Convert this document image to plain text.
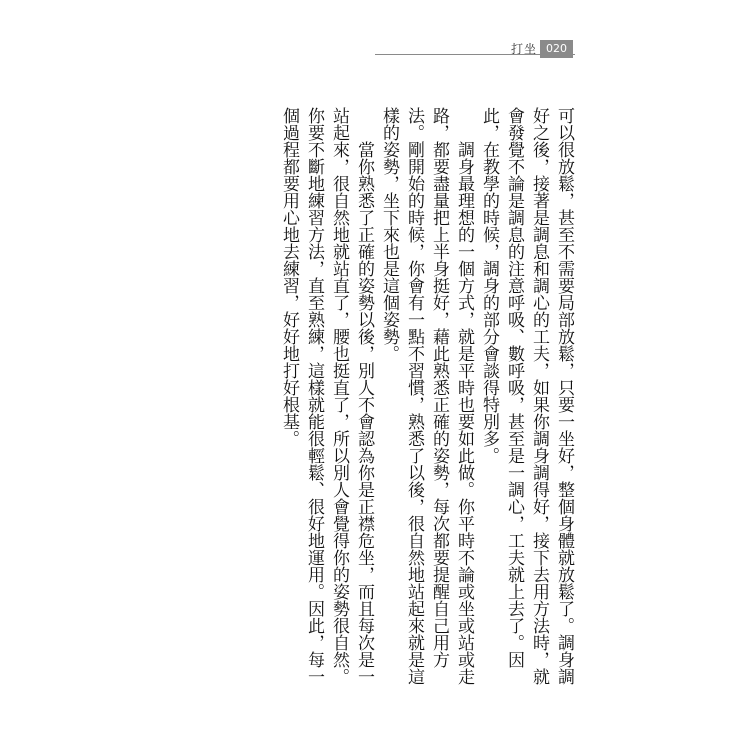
打坐 020

可以很放鬆，甚至不需要局部放鬆，只要一坐好，整個身體就放鬆了。調身調好之後，接著是調息和調心的工夫，如果你調身調得好，接下去用方法時，就會發覺不論是調息的注意呼吸、數呼吸，甚至是一調心，工夫就上去了。因此，在教學的時候，調身的部分會談得特別多。

調身最理想的一個方式，就是平時也要如此做。你平時不論或坐或站或走路，都要盡量把上半身挺好，藉此熟悉正確的姿勢，每次都要提醒自己用方法。剛開始的時候，你會有一點不習慣，熟悉了以後，很自然地站起來就是這樣的姿勢，坐下來也是這個姿勢。

當你熟悉了正確的姿勢以後，別人不會認為你是正襟危坐，而且每次是一站起來，很自然地就站直了，腰也挺直了，所以別人會覺得你的姿勢很自然。你要不斷地練習方法，直至熟練，這樣就能很輕鬆、很好地運用。因此，每一個過程都要用心地去練習，好好地打好根基。
